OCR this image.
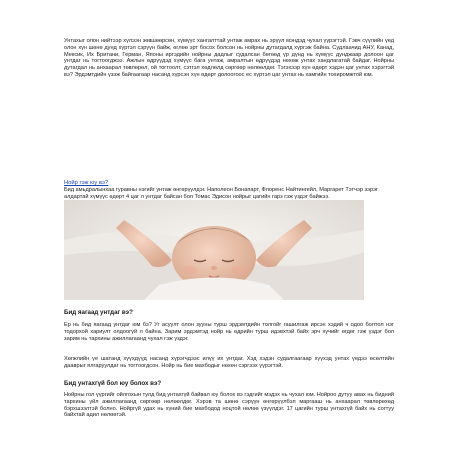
Унтахыг олон нийтээр хүлээн зөвшөөрсөн, хүмүүс хангалттай унтаж амрах нь эрүүл мэндэд чухал үүрэгтэй. Гэвч сүүлийн үед олон хүн шөнө дунд хүртэл сэрүүн байж, өглөө эрт босох болсон нь нойрны дутагдалд хүргэж байна. Судлаачид АНУ, Канад, Мексик, Их Британи, Герман, Японы иргэдийн нойрны дадлыг судалсан бөгөөд үр дүнд нь хүмүүс дунджаар долоон цаг унтдаг нь тогтоогджээ. Ажлын өдрүүдэд хүмүүс бага унтаж, амралтын өдрүүдэд нөхөж унтах хандлагатай байдаг. Нойрны дутагдал нь анхаарал төвлөрөл, ой тогтоолт, сэтгэл хөдлөлд сөргөөр нөлөөлдөг. Тэгэхээр хүн өдөрт хэдэн цаг унтах хэрэгтэй вэ? Эрдэмтдийн үзэж байгаагаар насанд хүрсэн хүн өдөрт долоогоос ес хүртэл цаг унтах нь хамгийн тохиромжтой юм.

Нойр гэж юу вэ?

Бид амьдралынхаа гуравны нэгийг унтаж өнгөрүүлдэг. Наполеон Бонапарт, Флоренс Найтингейл, Маргарет Тэтчэр зэрэг алдартай хүмүүс өдөрт 4 цаг л унтдаг байсан бол Томас Эдисон нойрыг цагийн гарз гэж үздэг байжээ.

Бид яагаад унтдаг вэ?

Ер нь бид яагаад унтдаг юм бэ? Уг асуулт олон зууны турш эрдэмтдийн толгойг гашилгаж ирсэн хэдий ч одоо болтол нэг тодорхой хариулт олдоогүй л байна. Зарим эрдэмтэд нойр нь өдрийн турш идэвхтэй байх эрч хүчийг өгдөг гэж үздэг бол зарим нь тархины ажиллагаанд чухал гэж үздэг.

Хөгжлийн үе шатанд хүүхдүүд насанд хүрэгчдээс илүү их унтдаг. Хэд хэдэн судалгаагаар хүүхэд унтах үедээ өсөлтийн дааврыг ялгаруулдаг нь тогтоогдсон. Нойр нь бие махбодыг нөхөн сэргээх үүрэгтэй.

Бид унтахгүй бол юу болох вэ?

Нойрны гол үүргийг ойлгохын тулд бид унтахгүй байвал юу болох вэ гэдгийг мэдэх нь чухал юм. Нойроо дутуу авах нь бидний тархины үйл ажиллагаанд сөргөөр нөлөөлдөг. Хэрэв та шөнө сэрүүн өнгөрүүлбэл маргааш нь анхаарал төвлөрөхөд бэрхшээлтэй болно. Нойргүй удах нь хүний бие махбодод ноцтой нөлөө үзүүлдэг. 17 цагийн турш унтахгүй байх нь согтуу байхтай адил нөлөөтэй.
